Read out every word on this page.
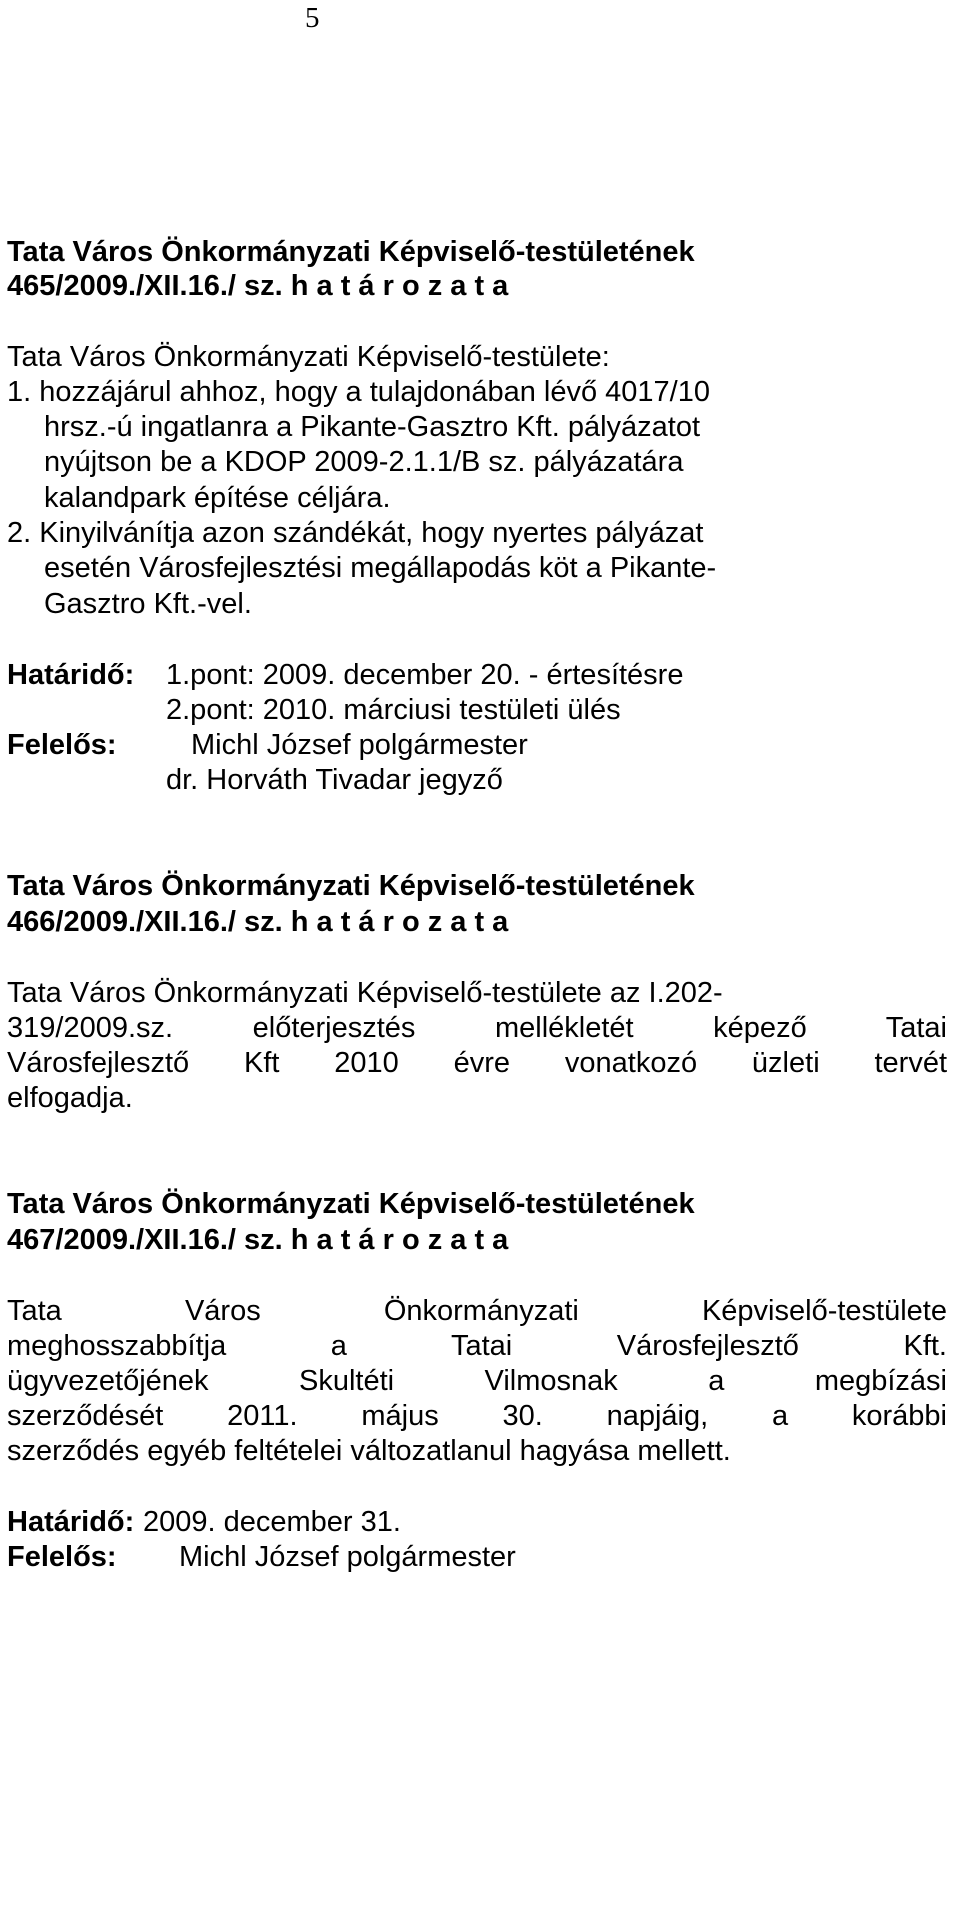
5
Tata Város Önkormányzati Képviselő-testületének
465/2009./XII.16./ sz. h a t á r o z a t a
Tata Város Önkormányzati Képviselő-testülete:
1. hozzájárul ahhoz, hogy a tulajdonában lévő 4017/10
hrsz.-ú ingatlanra a Pikante-Gasztro Kft. pályázatot
nyújtson be a KDOP 2009-2.1.1/B sz. pályázatára
kalandpark építése céljára.
2. Kinyilvánítja azon szándékát, hogy nyertes pályázat
esetén Városfejlesztési megállapodás köt a Pikante-
Gasztro Kft.-vel.
Határidő: 1.pont: 2009. december 20. - értesítésre
2.pont: 2010. márciusi testületi ülés
Felelős:	Michl József polgármester
dr. Horváth Tivadar jegyző
Tata Város Önkormányzati Képviselő-testületének
466/2009./XII.16./ sz. h a t á r o z a t a
Tata Város Önkormányzati Képviselő-testülete az I.202-
319/2009.sz. előterjesztés mellékletét képező Tatai
Városfejlesztő Kft 2010 évre vonatkozó üzleti tervét
elfogadja.
Tata Város Önkormányzati Képviselő-testületének
467/2009./XII.16./ sz. h a t á r o z a t a
Tata Város Önkormányzati Képviselő-testülete
meghosszabbítja a Tatai Városfejlesztő Kft.
ügyvezetőjének Skultéti Vilmosnak a megbízási
szerződését 2011. május 30. napjáig, a korábbi
szerződés egyéb feltételei változatlanul hagyása mellett.
Határidő: 2009. december 31.
Felelős: Michl József polgármester
